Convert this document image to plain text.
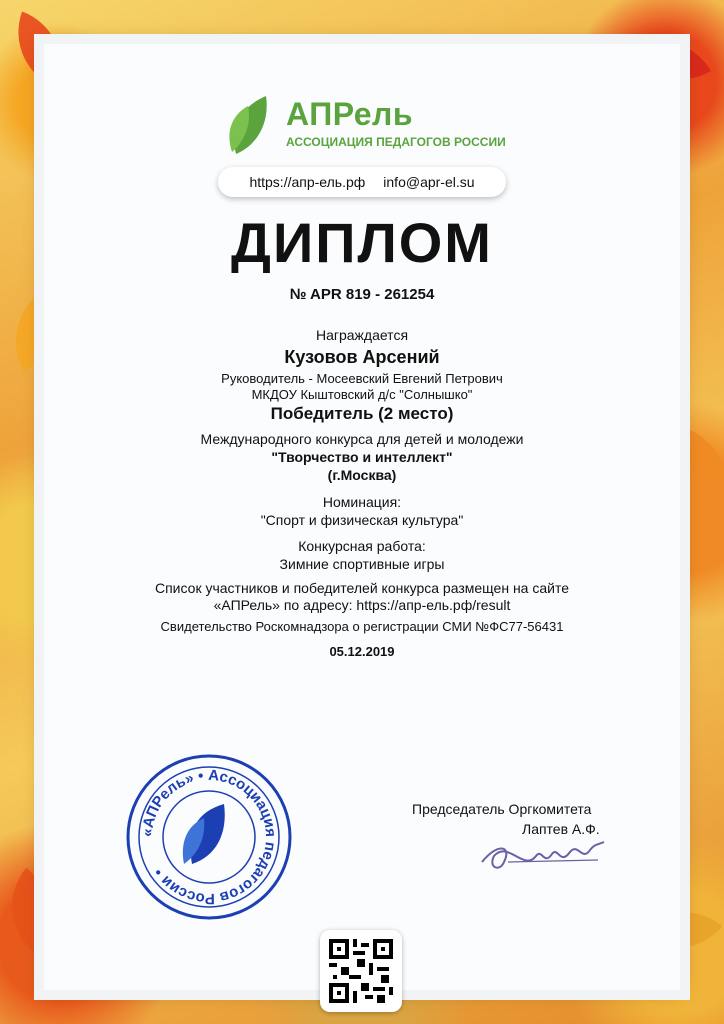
АПРель
АССОЦИАЦИЯ ПЕДАГОГОВ РОССИИ
https://апр-ель.рф info@apr-el.su
ДИПЛОМ
№ APR 819 - 261254
Награждается
Кузовов Арсений
Руководитель - Мосеевский Евгений Петрович
МКДОУ Кыштовский д/с "Солнышко"
Победитель (2 место)
Международного конкурса для детей и молодежи
"Творчество и интеллект"
(г.Москва)
Номинация:
"Спорт и физическая культура"
Конкурсная работа:
Зимние спортивные игры
Список участников и победителей конкурса размещен на сайте
«АПРель» по адресу: https://апр-ель.рф/result
Свидетельство Роскомнадзора о регистрации СМИ №ФС77-56431
05.12.2019
«АПРель» • Ассоциация педагогов России •
Председатель Оргкомитета
Лаптев А.Ф.
